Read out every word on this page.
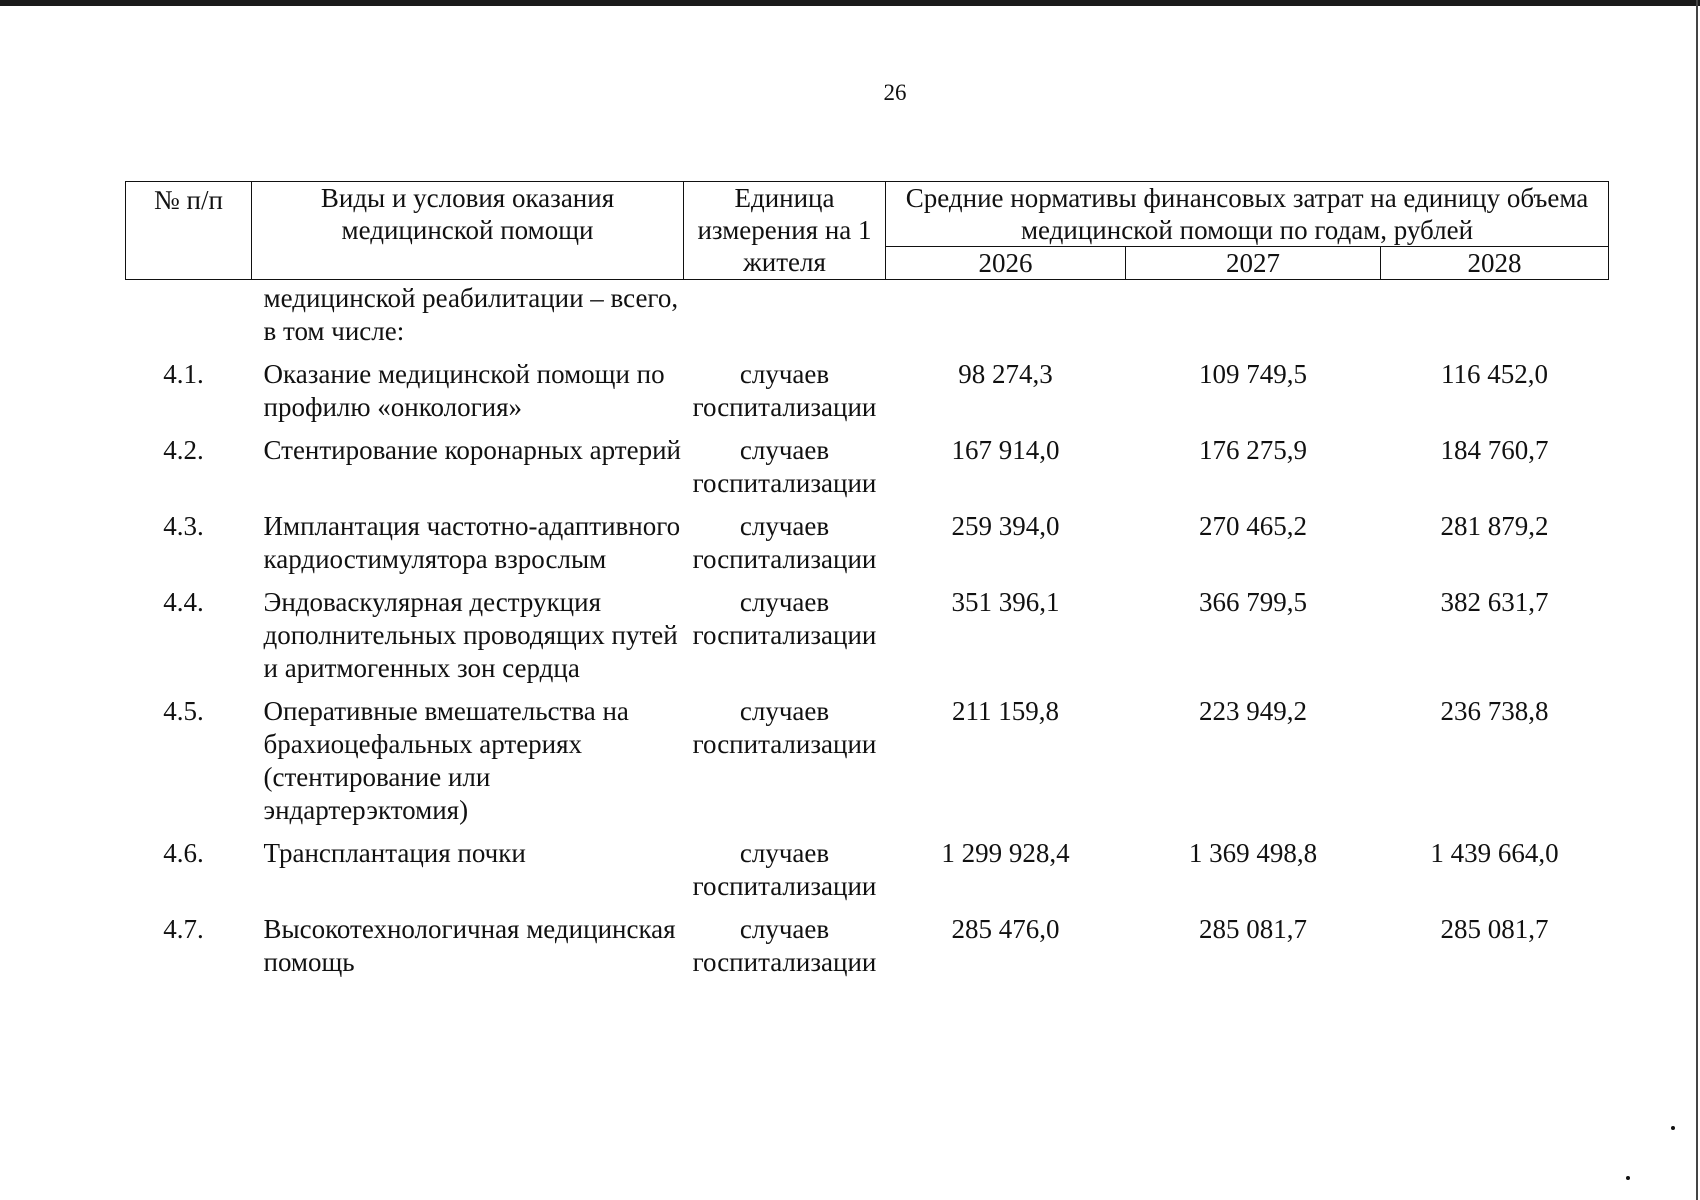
26
№ п/п	Виды и условия оказания медицинской помощи	Единица измерения на 1 жителя	Средние нормативы финансовых затрат на единицу объема медицинской помощи по годам, рублей		
			2026	2027	2028
	медицинской реабилитации – всего, в том числе:				
4.1.	Оказание медицинской помощи по профилю «онкология»	случаев госпитализации	98 274,3	109 749,5	116 452,0
4.2.	Стентирование коронарных артерий	случаев госпитализации	167 914,0	176 275,9	184 760,7
4.3.	Имплантация частотно-адаптивного кардиостимулятора взрослым	случаев госпитализации	259 394,0	270 465,2	281 879,2
4.4.	Эндоваскулярная деструкция дополнительных проводящих путей и аритмогенных зон сердца	случаев госпитализации	351 396,1	366 799,5	382 631,7
4.5.	Оперативные вмешательства на брахиоцефальных артериях (стентирование или эндартерэктомия)	случаев госпитализации	211 159,8	223 949,2	236 738,8
4.6.	Трансплантация почки	случаев госпитализации	1 299 928,4	1 369 498,8	1 439 664,0
4.7.	Высокотехнологичная медицинская помощь	случаев госпитализации	285 476,0	285 081,7	285 081,7
